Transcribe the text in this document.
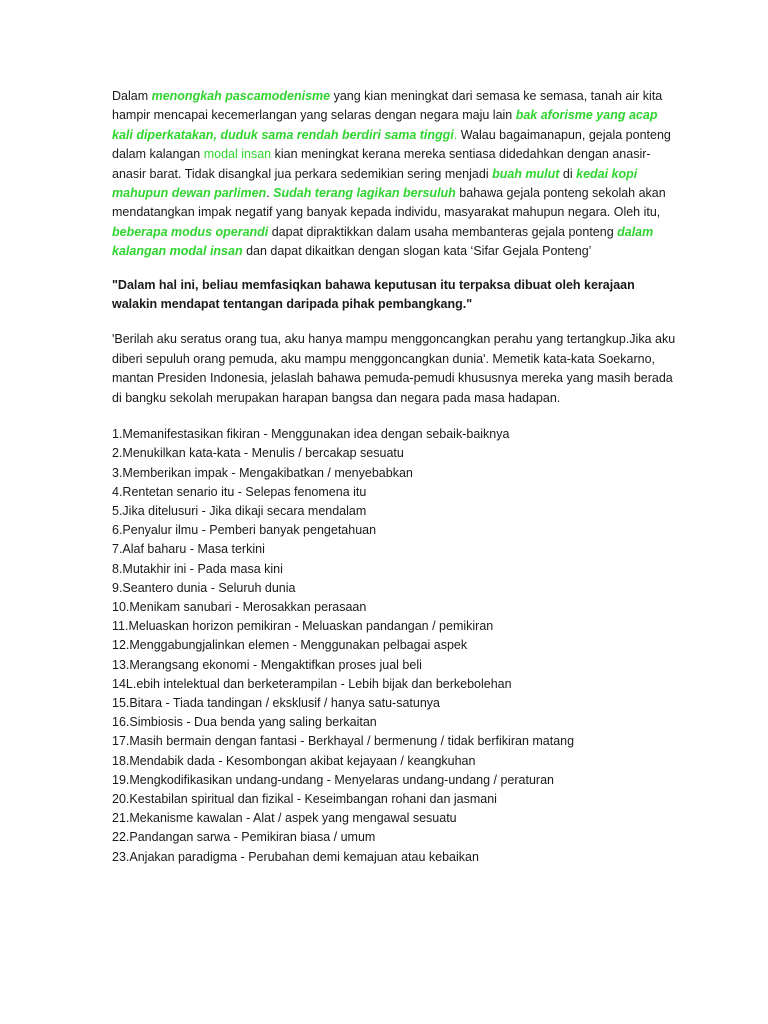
Dalam menongkah pascamodenisme yang kian meningkat dari semasa ke semasa, tanah air kita hampir mencapai kecemerlangan yang selaras dengan negara maju lain bak aforisme yang acap kali diperkatakan, duduk sama rendah berdiri sama tinggi. Walau bagaimanapun, gejala ponteng dalam kalangan modal insan kian meningkat kerana mereka sentiasa didedahkan dengan anasir-anasir barat. Tidak disangkal jua perkara sedemikian sering menjadi buah mulut di kedai kopi mahupun dewan parlimen. Sudah terang lagikan bersuluh bahawa gejala ponteng sekolah akan mendatangkan impak negatif yang banyak kepada individu, masyarakat mahupun negara. Oleh itu, beberapa modus operandi dapat dipraktikkan dalam usaha membanteras gejala ponteng dalam kalangan modal insan dan dapat dikaitkan dengan slogan kata ‘Sifar Gejala Ponteng’

"Dalam hal ini, beliau memfasiqkan bahawa keputusan itu terpaksa dibuat oleh kerajaan walakin mendapat tentangan daripada pihak pembangkang."

'Berilah aku seratus orang tua, aku hanya mampu menggoncangkan perahu yang tertangkup.Jika aku diberi sepuluh orang pemuda, aku mampu menggoncangkan dunia'. Memetik kata-kata Soekarno, mantan Presiden Indonesia, jelaslah bahawa pemuda-pemudi khususnya mereka yang masih berada di bangku sekolah merupakan harapan bangsa dan negara pada masa hadapan.

1.Memanifestasikan fikiran - Menggunakan idea dengan sebaik-baiknya
2.Menukilkan kata-kata - Menulis / bercakap sesuatu
3.Memberikan impak - Mengakibatkan / menyebabkan
4.Rentetan senario itu - Selepas fenomena itu
5.Jika ditelusuri - Jika dikaji secara mendalam
6.Penyalur ilmu - Pemberi banyak pengetahuan
7.Alaf baharu - Masa terkini
8.Mutakhir ini - Pada masa kini
9.Seantero dunia - Seluruh dunia
10.Menikam sanubari - Merosakkan perasaan
11.Meluaskan horizon pemikiran - Meluaskan pandangan / pemikiran
12.Menggabungjalinkan elemen - Menggunakan pelbagai aspek
13.Merangsang ekonomi - Mengaktifkan proses jual beli
14L.ebih intelektual dan berketerampilan - Lebih bijak dan berkebolehan
15.Bitara - Tiada tandingan / eksklusif / hanya satu-satunya
16.Simbiosis - Dua benda yang saling berkaitan
17.Masih bermain dengan fantasi - Berkhayal / bermenung / tidak berfikiran matang
18.Mendabik dada - Kesombongan akibat kejayaan / keangkuhan
19.Mengkodifikasikan undang-undang - Menyelaras undang-undang / peraturan
20.Kestabilan spiritual dan fizikal - Keseimbangan rohani dan jasmani
21.Mekanisme kawalan - Alat / aspek yang mengawal sesuatu
22.Pandangan sarwa - Pemikiran biasa / umum
23.Anjakan paradigma - Perubahan demi kemajuan atau kebaikan
